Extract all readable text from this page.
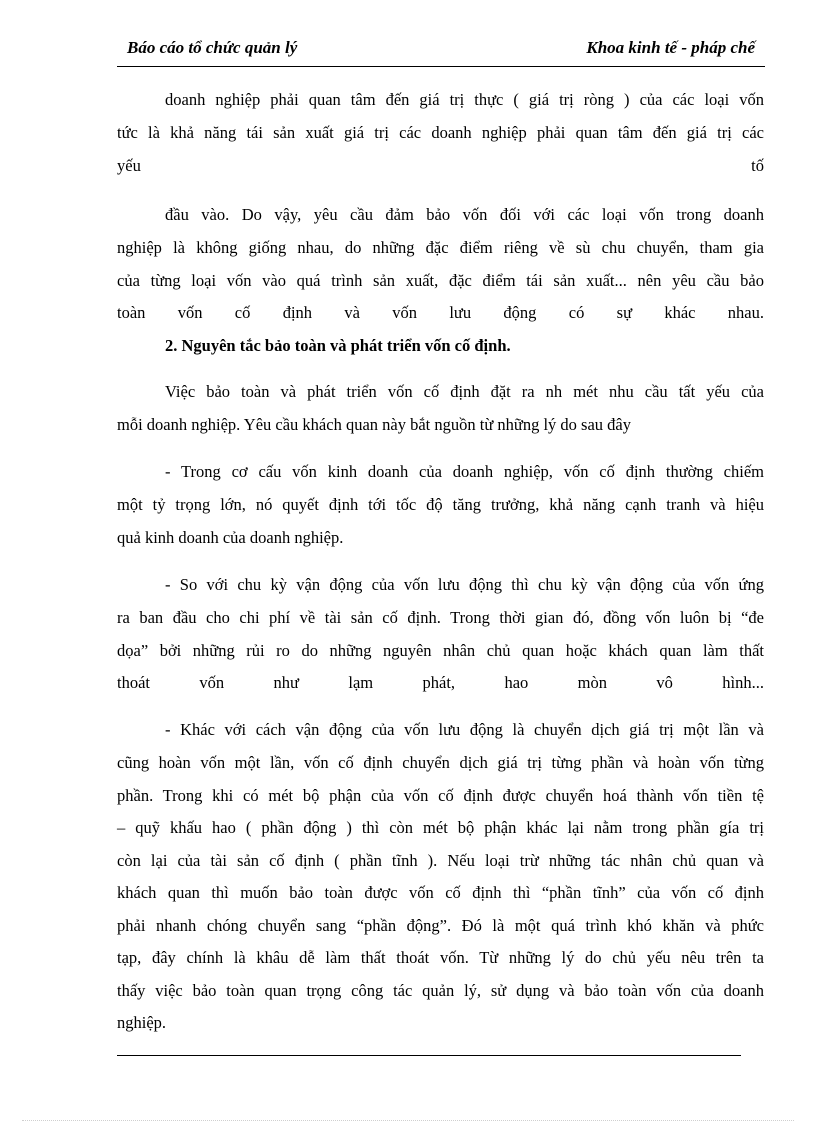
Báo cáo tổ chức quản lý	Khoa kinh tế - pháp chế
doanh nghiệp phải quan tâm đến giá trị thực ( giá trị ròng ) của các loại vốn
tức là khả năng tái sản xuất giá trị các doanh nghiệp phải quan tâm đến giá trị các
yếu tố
đầu vào. Do vậy, yêu cầu đảm bảo vốn đối với các loại vốn trong doanh
nghiệp là không giống nhau, do những đặc điểm riêng về sù chu chuyển, tham gia
của từng loại vốn vào quá trình sản xuất, đặc điểm tái sản xuất... nên yêu cầu bảo
toàn vốn cố định và vốn lưu động có sự khác nhau.
2. Nguyên tắc bảo toàn và phát triển vốn cố định.
Việc bảo toàn và phát triển vốn cố định đặt ra nh mét nhu cầu tất yếu của
mỗi doanh nghiệp. Yêu cầu khách quan này bắt nguồn từ những lý do sau đây
- Trong cơ cấu vốn kinh doanh của doanh nghiệp, vốn cố định thường chiếm
một tỷ trọng lớn, nó quyết định tới tốc độ tăng trưởng, khả năng cạnh tranh và hiệu
quả kinh doanh của doanh nghiệp.
- So với chu kỳ vận động của vốn lưu động thì chu kỳ vận động của vốn ứng
ra ban đầu cho chi phí về tài sản cố định. Trong thời gian đó, đồng vốn luôn bị “đe
dọa” bởi những rủi ro do những nguyên nhân chủ quan hoặc khách quan làm thất
thoát vốn như lạm phát, hao mòn vô hình...
- Khác với cách vận động của vốn lưu động là chuyển dịch giá trị một lần và
cũng hoàn vốn một lần, vốn cố định chuyển dịch giá trị từng phần và hoàn vốn từng
phần. Trong khi có mét bộ phận của vốn cố định được chuyển hoá thành vốn tiền tệ
– quỹ khấu hao ( phần động ) thì còn mét bộ phận khác lại nằm trong phần gía trị
còn lại của tài sản cố định ( phần tĩnh ). Nếu loại trừ những tác nhân chủ quan và
khách quan thì muốn bảo toàn được vốn cố định thì “phần tĩnh” của vốn cố định
phải nhanh chóng chuyển sang “phần động”. Đó là một quá trình khó khăn và phức
tạp, đây chính là khâu dễ làm thất thoát vốn. Từ những lý do chủ yếu nêu trên ta
thấy việc bảo toàn quan trọng công tác quản lý, sử dụng và bảo toàn vốn của doanh
nghiệp.
